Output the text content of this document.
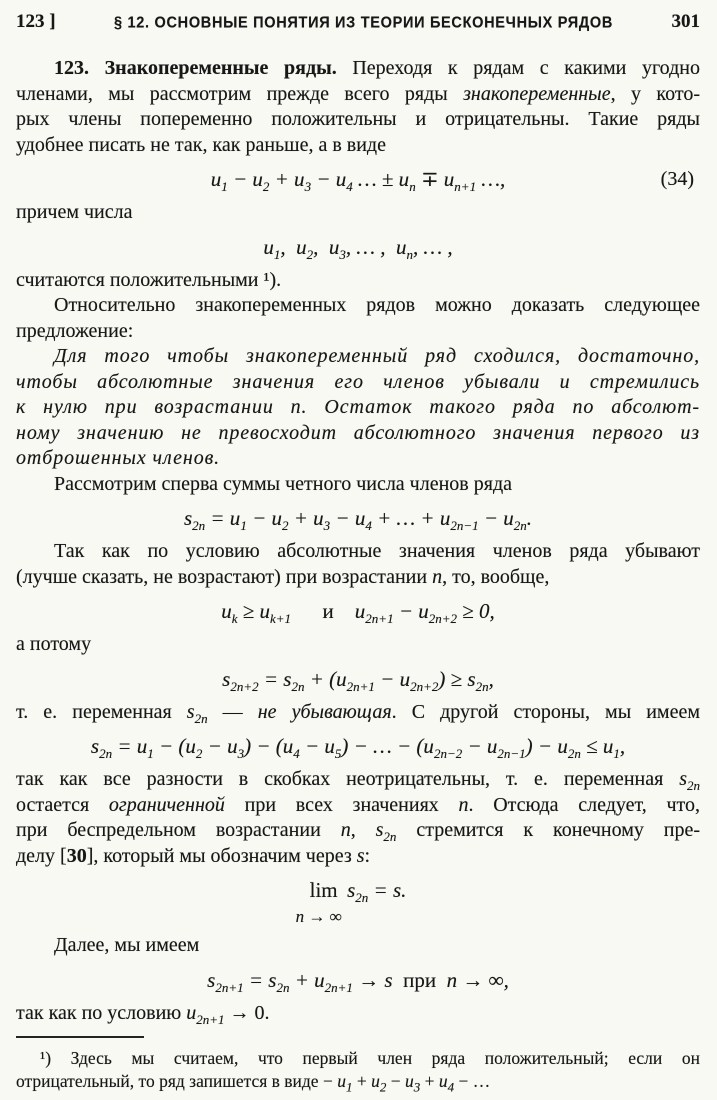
123 ]	§ 12. ОСНОВНЫЕ ПОНЯТИЯ ИЗ ТЕОРИИ БЕСКОНЕЧНЫХ РЯДОВ	301
123. Знакопеременные ряды. Переходя к рядам с какими угодно
членами, мы рассмотрим прежде всего ряды знакопеременные, у кото-
рых члены попеременно положительны и отрицательны. Такие ряды
удобнее писать не так, как раньше, а в виде
$u_1 - u_2 + u_3 - u_4$ … ± $u_n \mp u_{n+1}$ …,	(34)
причем числа
$u_1$, $u_2$, $u_3$, … , $u_n$, … ,
считаются положительными ¹).
Относительно знакопеременных рядов можно доказать следующее
предложение:
Для того чтобы знакопеременный ряд сходился, достаточно,
чтобы абсолютные значения его членов убывали и стремились
к нулю при возрастании n. Остаток такого ряда по абсолют-
ному значению не превосходит абсолютного значения первого из
отброшенных членов.
Рассмотрим сперва суммы четного числа членов ряда
$s_{2n} = u_1 - u_2 + u_3 - u_4$ + … + $u_{2n-1} - u_{2n}$.
Так как по условию абсолютные значения членов ряда убывают
(лучше сказать, не возрастают) при возрастании n, то, вообще,
$u_k \ge u_{k+1}$   и $u_{2n+1} - u_{2n+2} \ge 0$,
а потому
$s_{2n+2} = s_{2n} + (u_{2n+1} - u_{2n+2}) \ge s_{2n}$,
т. е. переменная $s_{2n}$ — не убывающая. С другой стороны, мы имеем
$s_{2n} = u_1 - (u_2 - u_3) - (u_4 - u_5)$ − … − $(u_{2n-2} - u_{2n-1}) - u_{2n} \le u_1$,
так как все разности в скобках неотрицательны, т. е. переменная $s_{2n}$
остается ограниченной при всех значениях n. Отсюда следует, что,
при беспредельном возрастании n, $s_{2n}$ стремится к конечному пре-
делу [30], который мы обозначим через s:
lim
n → ∞
 $s_{2n} = s$.
Далее, мы имеем
$s_{2n+1} = s_{2n} + u_{2n+1} \to s$ при n → ∞,
так как по условию $u_{2n+1} \to 0$.
¹) Здесь мы считаем, что первый член ряда положительный; если он
отрицательный, то ряд запишется в виде − $u_1 + u_2 - u_3 + u_4$ − …
